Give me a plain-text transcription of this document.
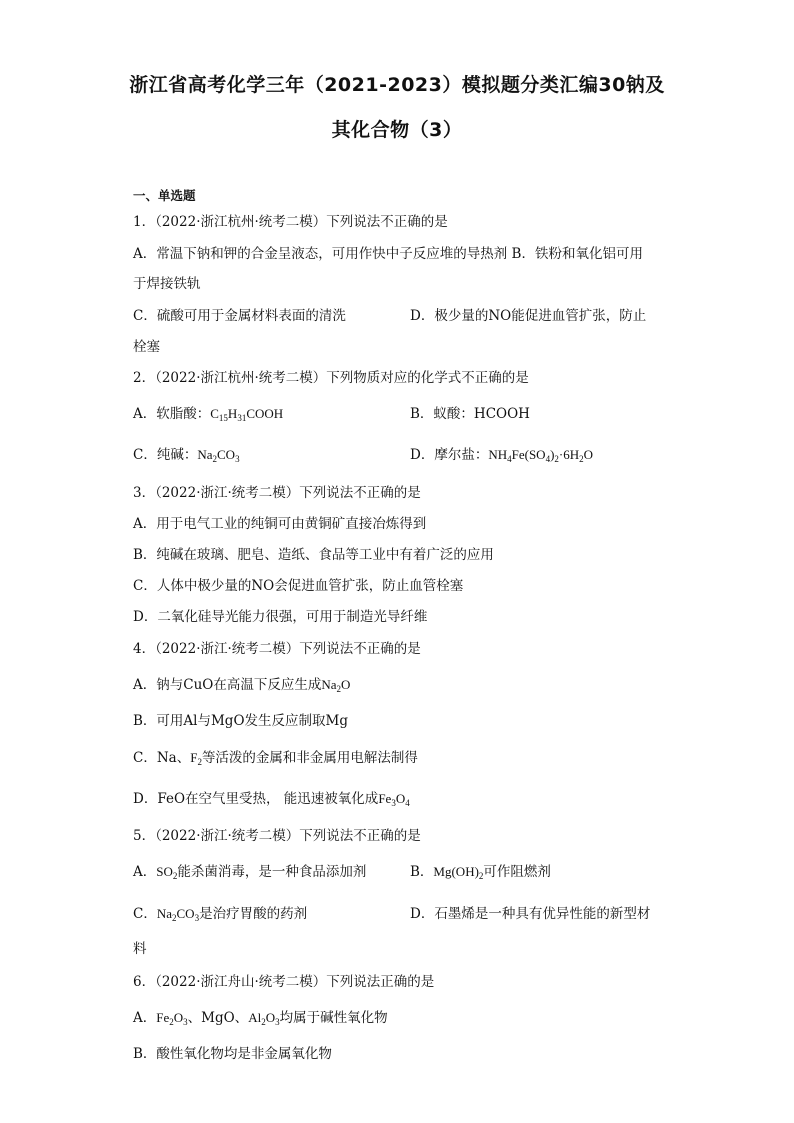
浙江省高考化学三年（2021-2023）模拟题分类汇编30钠及
其化合物（3）
一、单选题
1．（2022·浙江杭州·统考二模）下列说法不正确的是
A．常温下钠和钾的合金呈液态，可用作快中子反应堆的导热剂 B．铁粉和氧化铝可用
于焊接铁轨
C．硫酸可用于金属材料表面的清洗	D．极少量的NO能促进血管扩张，防止
栓塞
2．（2022·浙江杭州·统考二模）下列物质对应的化学式不正确的是
A．软脂酸：$C_{15}H_{31}COOH$	B．蚁酸：HCOOH
C．纯碱：$Na_2CO_3$	D．摩尔盐：$NH_4Fe(SO_4)_2\cdot 6H_2O$
3．（2022·浙江·统考二模）下列说法不正确的是
A．用于电气工业的纯铜可由黄铜矿直接冶炼得到
B．纯碱在玻璃、肥皂、造纸、食品等工业中有着广泛的应用
C．人体中极少量的NO会促进血管扩张，防止血管栓塞
D．二氧化硅导光能力很强，可用于制造光导纤维
4．（2022·浙江·统考二模）下列说法不正确的是
A．钠与CuO在高温下反应生成$Na_2O$
B．可用Al与MgO发生反应制取Mg
C．Na、$F_2$等活泼的金属和非金属用电解法制得
D．FeO在空气里受热， 能迅速被氧化成$Fe_3O_4$
5．（2022·浙江·统考二模）下列说法不正确的是
A．$SO_2$能杀菌消毒，是一种食品添加剂	B．$Mg(OH)_2$可作阻燃剂
C．$Na_2CO_3$是治疗胃酸的药剂	D．石墨烯是一种具有优异性能的新型材
料
6．（2022·浙江舟山·统考二模）下列说法正确的是
A．$Fe_2O_3$、MgO、$Al_2O_3$均属于碱性氧化物
B．酸性氧化物均是非金属氧化物
